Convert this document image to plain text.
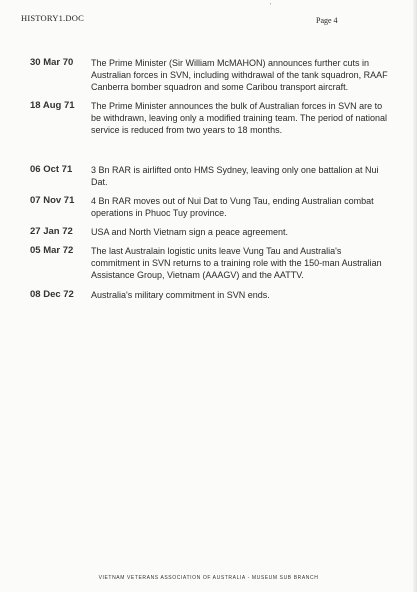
HISTORY1.DOC
'
Page 4
30 Mar 70	The Prime Minister (Sir William McMAHON) announces further cuts in Australian forces in SVN, including withdrawal of the tank squadron, RAAF Canberra bomber squadron and some Caribou transport aircraft.
18 Aug 71	The Prime Minister announces the bulk of Australian forces in SVN are to be withdrawn, leaving only a modified training team. The period of national service is reduced from two years to 18 months.
06 Oct 71	3 Bn RAR is airlifted onto HMS Sydney, leaving only one battalion at Nui Dat.
07 Nov 71	4 Bn RAR moves out of Nui Dat to Vung Tau, ending Australian combat operations in Phuoc Tuy province.
27 Jan 72	USA and North Vietnam sign a peace agreement.
05 Mar 72	The last Australain logistic units leave Vung Tau and Australia's commitment in SVN returns to a training role with the 150-man Australian Assistance Group, Vietnam (AAAGV) and the AATTV.
08 Dec 72	Australia's military commitment in SVN ends.
VIETNAM VETERANS ASSOCIATION OF AUSTRALIA - MUSEUM SUB BRANCH
